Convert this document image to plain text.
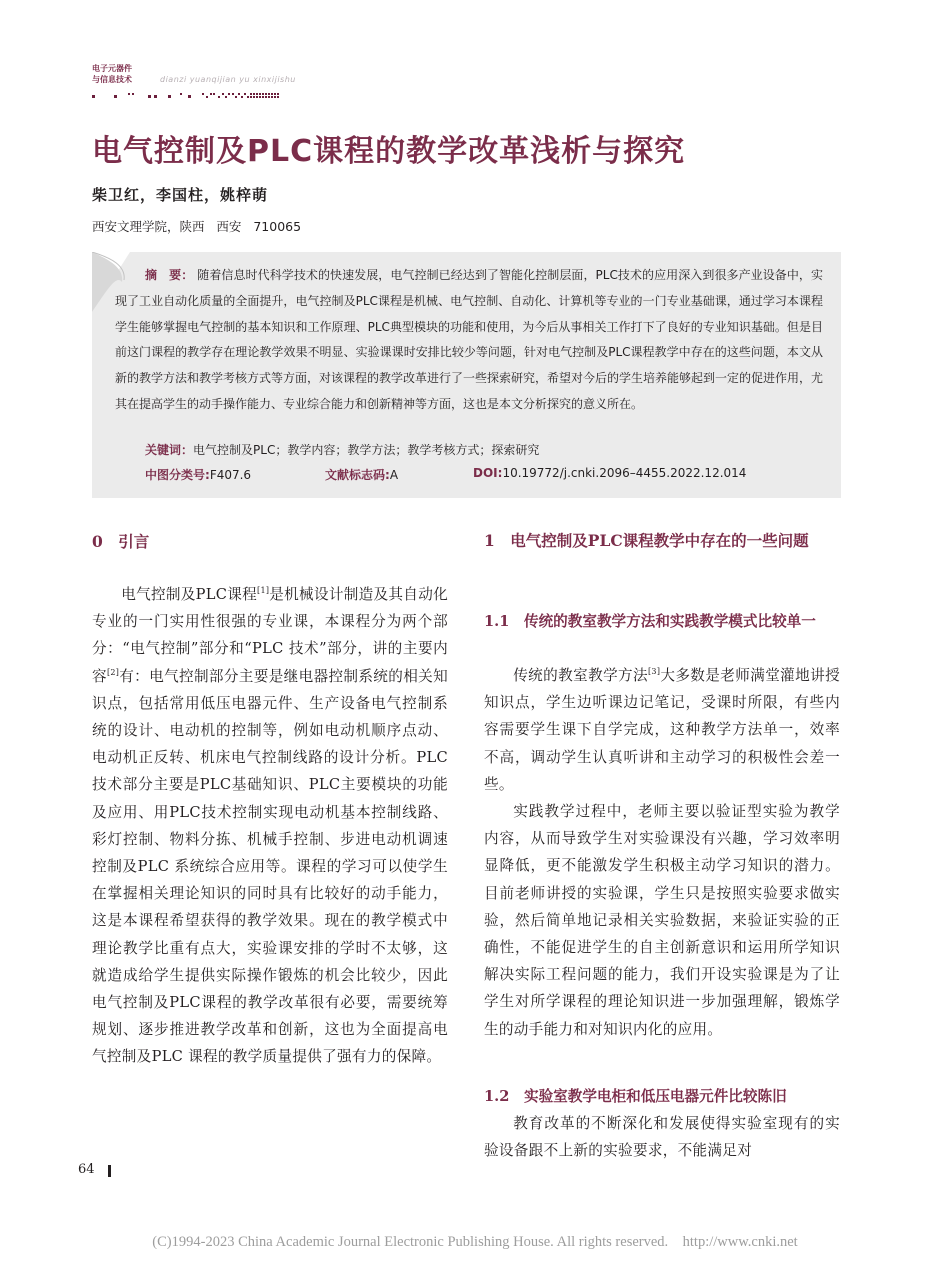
电子元器件
与信息技术	dianzi yuanqijian yu xinxijishu
电气控制及PLC课程的教学改革浅析与探究
柴卫红，李国柱，姚梓萌
西安文理学院，陕西   西安   710065
摘　要： 随着信息时代科学技术的快速发展，电气控制已经达到了智能化控制层面，PLC技术的应用深入到很多产业设备中，实现了工业自动化质量的全面提升，电气控制及PLC课程是机械、电气控制、自动化、计算机等专业的一门专业基础课，通过学习本课程学生能够掌握电气控制的基本知识和工作原理、PLC典型模块的功能和使用，为今后从事相关工作打下了良好的专业知识基础。但是目前这门课程的教学存在理论教学效果不明显、实验课课时安排比较少等问题，针对电气控制及PLC课程教学中存在的这些问题，本文从新的教学方法和教学考核方式等方面，对该课程的教学改革进行了一些探索研究，希望对今后的学生培养能够起到一定的促进作用，尤其在提高学生的动手操作能力、专业综合能力和创新精神等方面，这也是本文分析探究的意义所在。
关键词：电气控制及PLC；教学内容；教学方法；教学考核方式；探索研究
中图分类号:F407.6	文献标志码:A	DOI:10.19772/j.cnki.2096–4455.2022.12.014
0　引言

电气控制及PLC课程[1]是机械设计制造及其自动化专业的一门实用性很强的专业课，本课程分为两个部分：“电气控制”部分和“PLC 技术”部分，讲的主要内容[2]有：电气控制部分主要是继电器控制系统的相关知识点，包括常用低压电器元件、生产设备电气控制系统的设计、电动机的控制等，例如电动机顺序点动、电动机正反转、机床电气控制线路的设计分析。PLC技术部分主要是PLC基础知识、PLC主要模块的功能及应用、用PLC技术控制实现电动机基本控制线路、彩灯控制、物料分拣、机械手控制、步进电动机调速控制及PLC 系统综合应用等。课程的学习可以使学生在掌握相关理论知识的同时具有比较好的动手能力，这是本课程希望获得的教学效果。现在的教学模式中理论教学比重有点大，实验课安排的学时不太够，这就造成给学生提供实际操作锻炼的机会比较少，因此电气控制及PLC课程的教学改革很有必要，需要统筹规划、逐步推进教学改革和创新，这也为全面提高电气控制及PLC 课程的教学质量提供了强有力的保障。

1　电气控制及PLC课程教学中存在的一些问题
1.1　传统的教室教学方法和实践教学模式比较单一

传统的教室教学方法[3]大多数是老师满堂灌地讲授知识点，学生边听课边记笔记，受课时所限，有些内容需要学生课下自学完成，这种教学方法单一，效率不高，调动学生认真听讲和主动学习的积极性会差一些。

实践教学过程中，老师主要以验证型实验为教学内容，从而导致学生对实验课没有兴趣，学习效率明显降低，更不能激发学生积极主动学习知识的潜力。目前老师讲授的实验课，学生只是按照实验要求做实验，然后简单地记录相关实验数据，来验证实验的正确性，不能促进学生的自主创新意识和运用所学知识解决实际工程问题的能力，我们开设实验课是为了让学生对所学课程的理论知识进一步加强理解，锻炼学生的动手能力和对知识内化的应用。

1.2　实验室教学电柜和低压电器元件比较陈旧

教育改革的不断深化和发展使得实验室现有的实验设备跟不上新的实验要求，不能满足对

64
(C)1994-2023 China Academic Journal Electronic Publishing House. All rights reserved.    http://www.cnki.net
